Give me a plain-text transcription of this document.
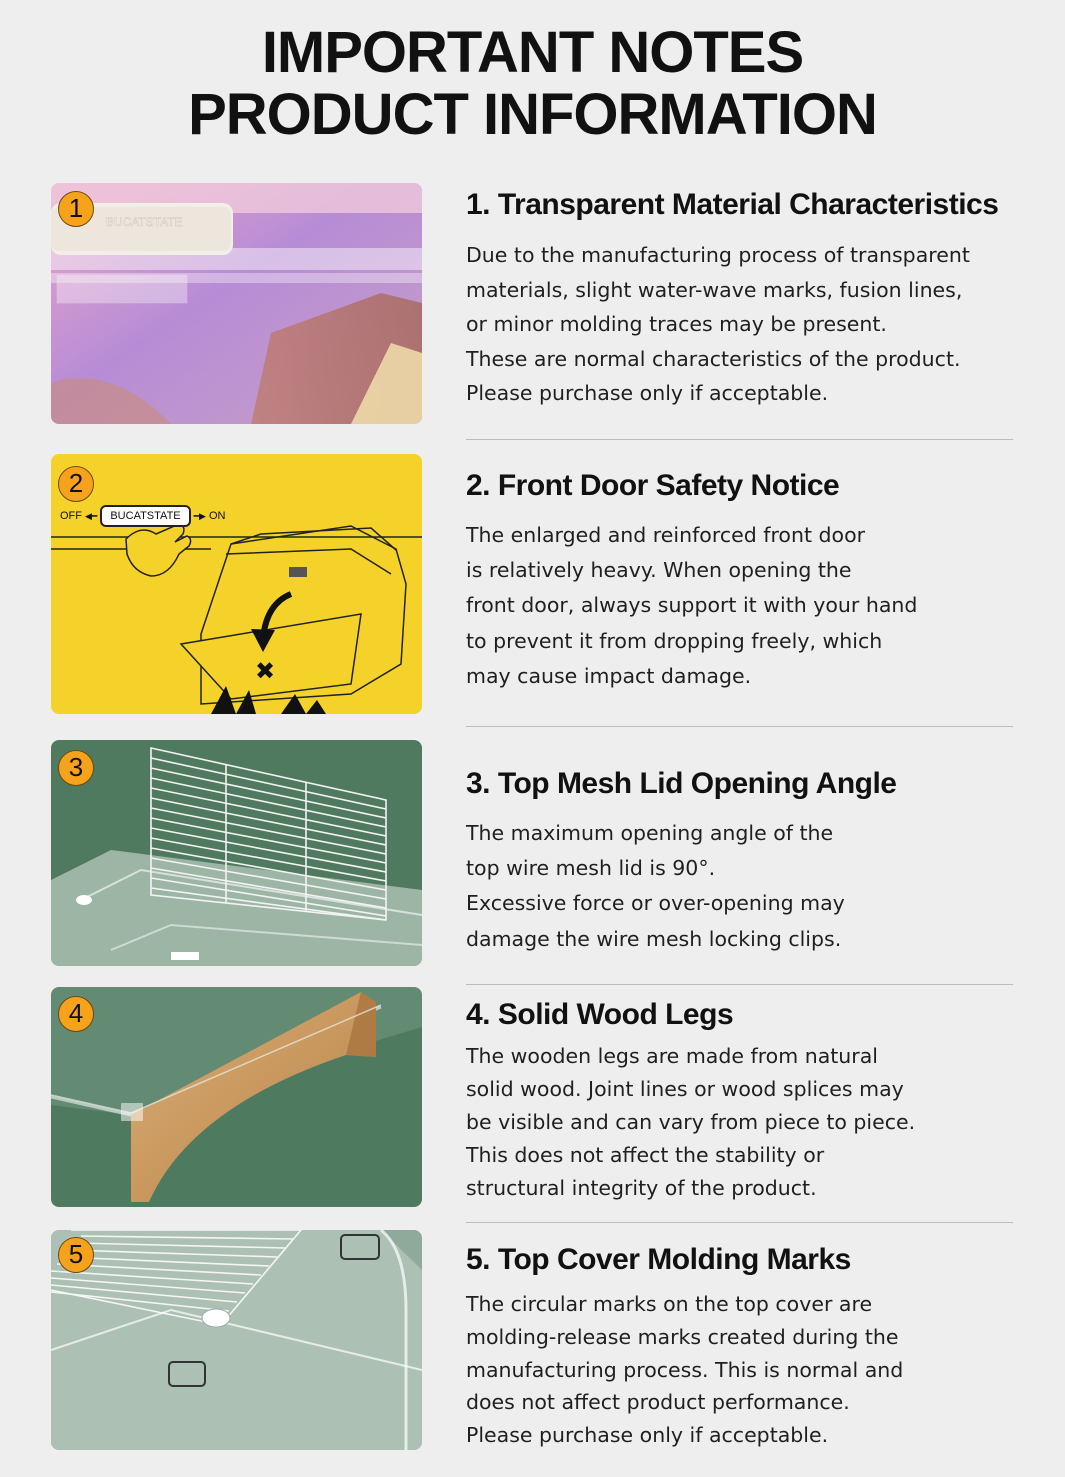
IMPORTANT NOTES
PRODUCT INFORMATION
BUCATSTATE
1	1. Transparent Material Characteristics
Due to the manufacturing process of transparent
materials, slight water-wave marks, fusion lines,
or minor molding traces may be present.
These are normal characteristics of the product.
Please purchase only if acceptable.
✖
OFF ◀━	BUCATSTATE	━▶ ON
2	2. Front Door Safety Notice
The enlarged and reinforced front door
is relatively heavy. When opening the
front door, always support it with your hand
to prevent it from dropping freely, which
may cause impact damage.
3	3. Top Mesh Lid Opening Angle
The maximum opening angle of the
top wire mesh lid is 90°.
Excessive force or over-opening may
damage the wire mesh locking clips.
4	4. Solid Wood Legs
The wooden legs are made from natural
solid wood. Joint lines or wood splices may
be visible and can vary from piece to piece.
This does not affect the stability or
structural integrity of the product.
5	5. Top Cover Molding Marks
The circular marks on the top cover are
molding-release marks created during the
manufacturing process. This is normal and
does not affect product performance.
Please purchase only if acceptable.
